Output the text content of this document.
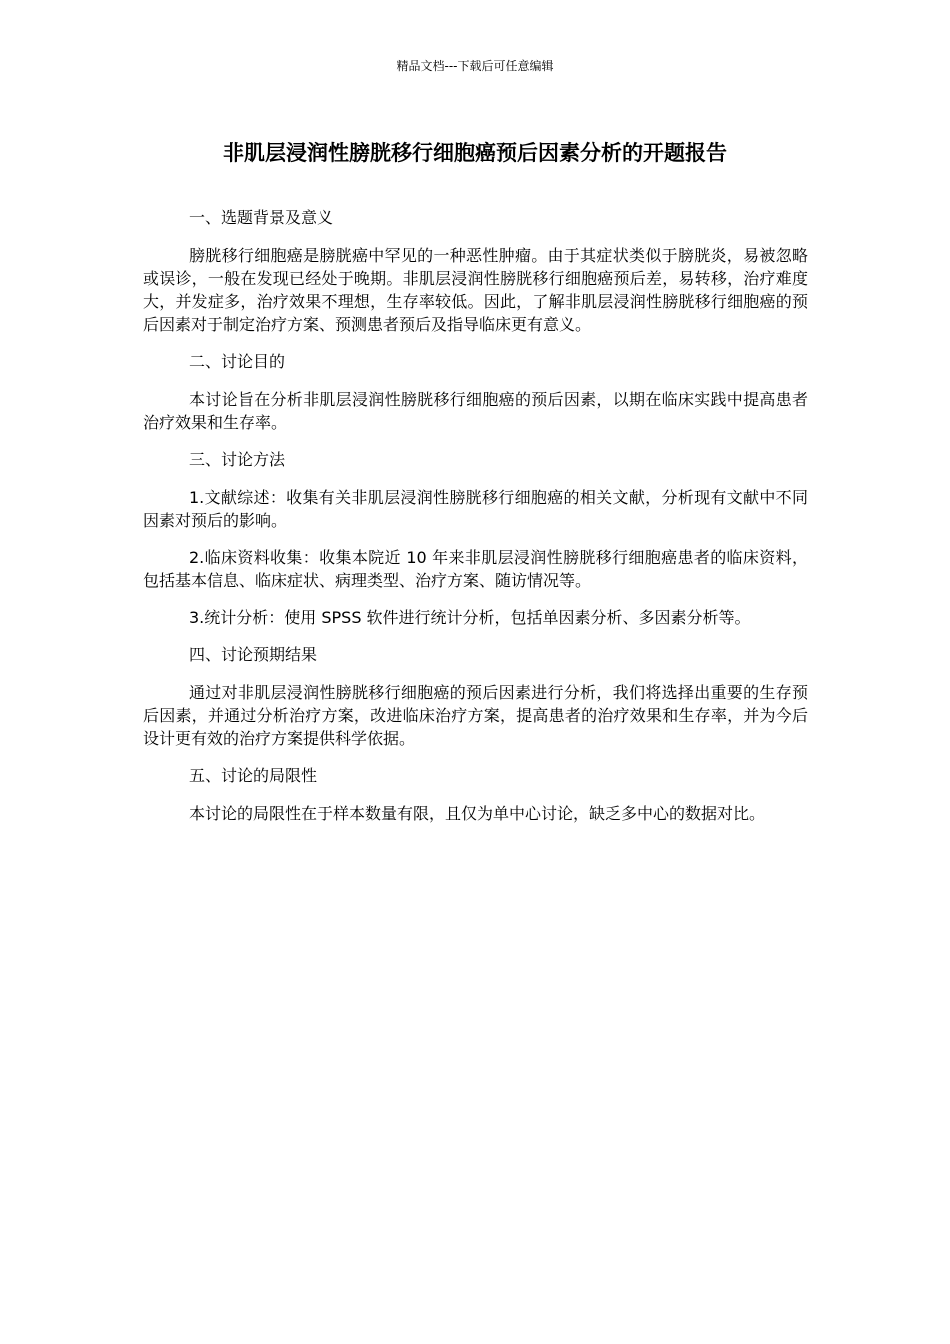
精品文档---下载后可任意编辑
非肌层浸润性膀胱移行细胞癌预后因素分析的开题报告
一、选题背景及意义

膀胱移行细胞癌是膀胱癌中罕见的一种恶性肿瘤。由于其症状类似于膀胱炎，易被忽略或误诊，一般在发现已经处于晚期。非肌层浸润性膀胱移行细胞癌预后差，易转移，治疗难度大，并发症多，治疗效果不理想，生存率较低。因此，了解非肌层浸润性膀胱移行细胞癌的预后因素对于制定治疗方案、预测患者预后及指导临床更有意义。

二、讨论目的

本讨论旨在分析非肌层浸润性膀胱移行细胞癌的预后因素，以期在临床实践中提高患者治疗效果和生存率。

三、讨论方法

1.文献综述：收集有关非肌层浸润性膀胱移行细胞癌的相关文献，分析现有文献中不同因素对预后的影响。

2.临床资料收集：收集本院近 10 年来非肌层浸润性膀胱移行细胞癌患者的临床资料，包括基本信息、临床症状、病理类型、治疗方案、随访情况等。

3.统计分析：使用 SPSS 软件进行统计分析，包括单因素分析、多因素分析等。

四、讨论预期结果

通过对非肌层浸润性膀胱移行细胞癌的预后因素进行分析，我们将选择出重要的生存预后因素，并通过分析治疗方案，改进临床治疗方案，提高患者的治疗效果和生存率，并为今后设计更有效的治疗方案提供科学依据。

五、讨论的局限性

本讨论的局限性在于样本数量有限，且仅为单中心讨论，缺乏多中心的数据对比。
